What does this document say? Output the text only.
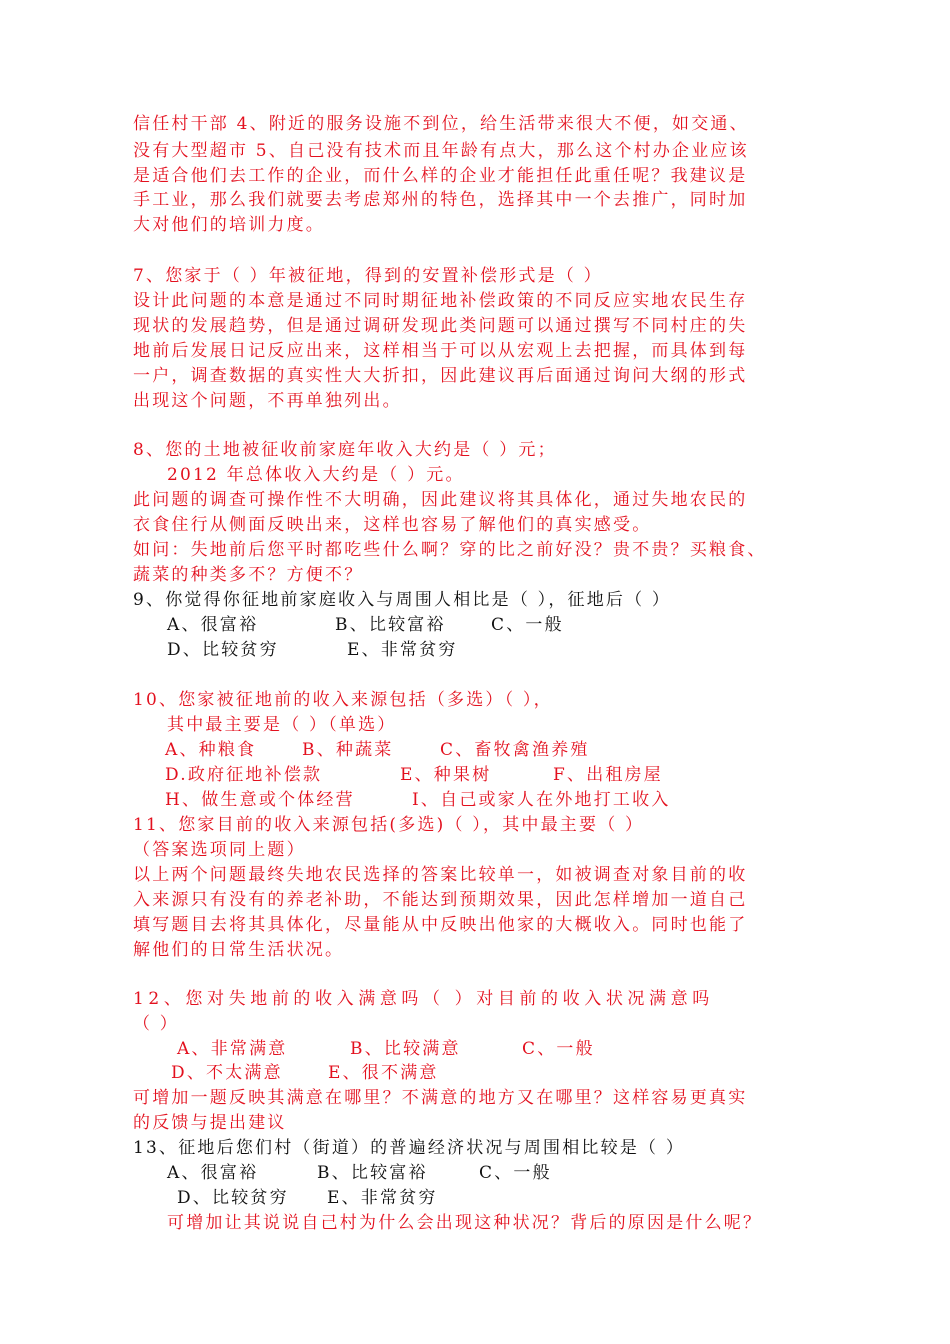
信任村干部 4、附近的服务设施不到位，给生活带来很大不便，如交通、
没有大型超市 5、自己没有技术而且年龄有点大，那么这个村办企业应该
是适合他们去工作的企业，而什么样的企业才能担任此重任呢？我建议是
手工业，那么我们就要去考虑郑州的特色，选择其中一个去推广，同时加
大对他们的培训力度。
7、您家于（ ）年被征地，得到的安置补偿形式是（ ）
设计此问题的本意是通过不同时期征地补偿政策的不同反应实地农民生存
现状的发展趋势，但是通过调研发现此类问题可以通过撰写不同村庄的失
地前后发展日记反应出来，这样相当于可以从宏观上去把握，而具体到每
一户，调查数据的真实性大大折扣，因此建议再后面通过询问大纲的形式
出现这个问题，不再单独列出。
8、您的土地被征收前家庭年收入大约是（ ）元；
2012 年总体收入大约是（ ）元。
此问题的调查可操作性不大明确，因此建议将其具体化，通过失地农民的
衣食住行从侧面反映出来，这样也容易了解他们的真实感受。
如问：失地前后您平时都吃些什么啊？穿的比之前好没？贵不贵？买粮食、
蔬菜的种类多不？方便不？
9、你觉得你征地前家庭收入与周围人相比是（ ），征地后（ ）
A、很富裕	B、比较富裕	C、一般
D、比较贫穷	E、非常贫穷
10、您家被征地前的收入来源包括（多选）（ ），
其中最主要是（ ）（单选）
A、种粮食	B、种蔬菜	C、畜牧禽渔养殖
D.政府征地补偿款	E、种果树	F、出租房屋
H、做生意或个体经营	I、自己或家人在外地打工收入
11、您家目前的收入来源包括(多选)（ ），其中最主要（ ）
（答案选项同上题）
以上两个问题最终失地农民选择的答案比较单一，如被调查对象目前的收
入来源只有没有的养老补助，不能达到预期效果，因此怎样增加一道自己
填写题目去将其具体化，尽量能从中反映出他家的大概收入。同时也能了
解他们的日常生活状况。
12、您对失地前的收入满意吗（ ）对目前的收入状况满意吗
（ ）
A、非常满意	B、比较满意	C、一般
D、不太满意	E、很不满意
可增加一题反映其满意在哪里？不满意的地方又在哪里？这样容易更真实
的反馈与提出建议
13、征地后您们村（街道）的普遍经济状况与周围相比较是（ ）
A、很富裕	B、比较富裕	C、一般
D、比较贫穷 E、非常贫穷
可增加让其说说自己村为什么会出现这种状况？背后的原因是什么呢？
